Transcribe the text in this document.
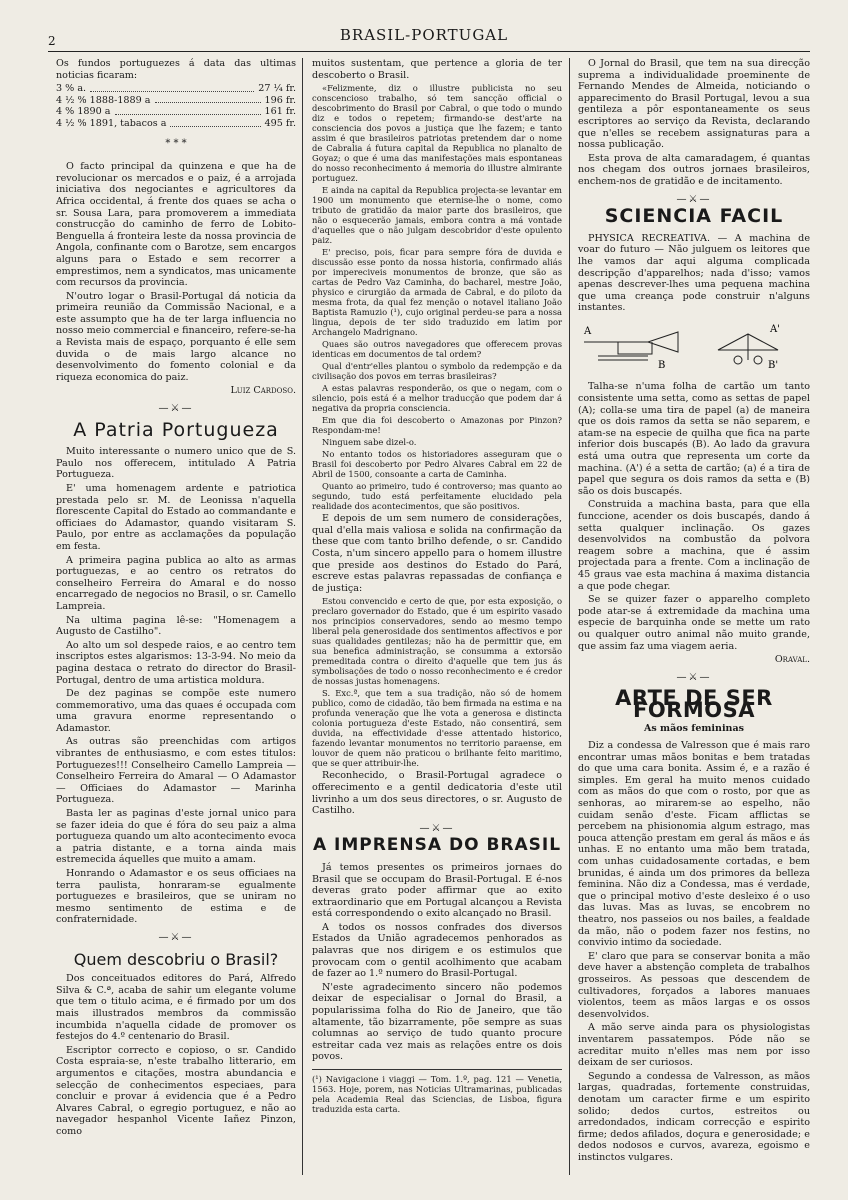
2	BRASIL-PORTUGAL

Os fundos portuguezes á data das ultimas noticias ficaram:

3 % a.	27 ¼ fr.
4 ½ % 1888-1889 a	196 fr.
4 % 1890 a	161 fr.
4 ½ % 1891, tabacos a	495 fr.
* * *

O facto principal da quinzena e que ha de revolucionar os mercados e o paiz, é a arrojada iniciativa dos negociantes e agricultores da Africa occidental, á frente dos quaes se acha o sr. Sousa Lara, para promoverem a immediata construcção do caminho de ferro de Lobito-Benguella á fronteira leste da nossa provincia de Angola, confinante com o Barotze, sem encargos alguns para o Estado e sem recorrer a emprestimos, nem a syndicatos, mas unicamente com recursos da provincia.

N'outro logar o Brasil-Portugal dá noticia da primeira reunião da Commissão Nacional, e a este assumpto que ha de ter larga influencia no nosso meio commercial e financeiro, refere-se-ha a Revista mais de espaço, porquanto é elle sem duvida o de mais largo alcance no desenvolvimento do fomento colonial e da riqueza economica do paiz.

Luiz Cardoso.
—⚔—
A Patria Portugueza

Muito interessante o numero unico que de S. Paulo nos offerecem, intitulado A Patria Portugueza.

E' uma homenagem ardente e patriotica prestada pelo sr. M. de Leonissa n'aquella florescente Capital do Estado ao commandante e officiaes do Adamastor, quando visitaram S. Paulo, por entre as acclamações da população em festa.

A primeira pagina publica ao alto as armas portuguezas, e ao centro os retratos do conselheiro Ferreira do Amaral e do nosso encarregado de negocios no Brasil, o sr. Camello Lampreia.

Na ultima pagina lê-se: "Homenagem a Augusto de Castilho".

Ao alto um sol despede raios, e ao centro tem inscriptos estes algarismos: 13-3-94. No meio da pagina destaca o retrato do director do Brasil-Portugal, dentro de uma artistica moldura.

De dez paginas se compõe este numero commemorativo, uma das quaes é occupada com uma gravura enorme representando o Adamastor.

As outras são preenchidas com artigos vibrantes de enthusiasmo, e com estes titulos: Portuguezes!!! Conselheiro Camello Lampreia — Conselheiro Ferreira do Amaral — O Adamastor — Officiaes do Adamastor — Marinha Portugueza.

Basta ler as paginas d'este jornal unico para se fazer ideia do que é fóra do seu paiz a alma portugueza quando um alto acontecimento evoca a patria distante, e a torna ainda mais estremecida áquelles que muito a amam.

Honrando o Adamastor e os seus officiaes na terra paulista, honraram-se egualmente portuguezes e brasileiros, que se uniram no mesmo sentimento de estima e de confraternidade.

—⚔—
Quem descobriu o Brasil?

Dos conceituados editores do Pará, Alfredo Silva & C.ª, acaba de sahir um elegante volume que tem o titulo acima, e é firmado por um dos mais illustrados membros da commissão incumbida n'aquella cidade de promover os festejos do 4.º centenario do Brasil.

Escriptor correcto e copioso, o sr. Candido Costa espraia-se, n'este trabalho litterario, em argumentos e citações, mostra abundancia e selecção de conhecimentos especiaes, para concluir e provar á evidencia que é a Pedro Alvares Cabral, o egregio portuguez, e não ao navegador hespanhol Vicente Iañez Pinzon, como

muitos sustentam, que pertence a gloria de ter descoberto o Brasil.

«Felizmente, diz o illustre publicista no seu conscencioso trabalho, só tem sancção official o descobrimento do Brasil por Cabral, o que todo o mundo diz e todos o repetem; firmando-se dest'arte na consciencia dos povos a justiça que lhe fazem; e tanto assim é que brasileiros patriotas pretendem dar o nome de Cabralia á futura capital da Republica no planalto de Goyaz; o que é uma das manifestações mais espontaneas do nosso reconhecimento á memoria do illustre almirante portuguez.

E ainda na capital da Republica projecta-se levantar em 1900 um monumento que eternise-lhe o nome, como tributo de gratidão da maior parte dos brasileiros, que não o esquecerão jamais, embora contra a má vontade d'aquelles que o não julgam descobridor d'este opulento paiz.

E' preciso, pois, ficar para sempre fóra de duvida e discussão esse ponto da nossa historia, confirmado aliás por impereciveis monumentos de bronze, que são as cartas de Pedro Vaz Caminha, do bacharel, mestre João, physico e cirurgião da armada de Cabral, e do piloto da mesma frota, da qual fez menção o notavel italiano João Baptista Ramuzio (¹), cujo original perdeu-se para a nossa lingua, depois de ter sido traduzido em latim por Archangelo Madrignano.

Quaes são outros navegadores que offerecem provas identicas em documentos de tal ordem?

Qual d'entr'elles plantou o symbolo da redempção e da civilisação dos povos em terras brasileiras?

A estas palavras responderão, os que o negam, com o silencio, pois está é a melhor traducção que podem dar á negativa da propria consciencia.

Em que dia foi descoberto o Amazonas por Pinzon? Respondam-me!

Ninguem sabe dizel-o.

No entanto todos os historiadores asseguram que o Brasil foi descoberto por Pedro Alvares Cabral em 22 de Abril de 1500, consoante a carta de Caminha.

Quanto ao primeiro, tudo é controverso; mas quanto ao segundo, tudo está perfeitamente elucidado pela realidade dos acontecimentos, que são positivos.

E depois de um sem numero de considerações, qual d'ella mais valiosa e solida na confirmação da these que com tanto brilho defende, o sr. Candido Costa, n'um sincero appello para o homem illustre que preside aos destinos do Estado do Pará, escreve estas palavras repassadas de confiança e de justiça:

Estou convencido e certo de que, por esta exposição, o preclaro governador do Estado, que é um espirito vasado nos principios conservadores, sendo ao mesmo tempo liberal pela generosidade dos sentimentos affectivos e por suas qualidades gentilezas; não ha de permittir que, em sua benefica administração, se consumma a extorsão premeditada contra o direito d'aquelle que tem jus ás symbolisações de todo o nosso reconhecimento e é credor de nossas justas homenagens.

S. Exc.ª, que tem a sua tradição, não só de homem publico, como de cidadão, tão bem firmada na estima e na profunda veneração que lhe vota a generosa e distincta colonia portugueza d'este Estado, não consentirá, sem duvida, na effectividade d'esse attentado historico, fazendo levantar monumentos no territorio paraense, em louvor de quem não praticou o brilhante feito maritimo, que se quer attribuir-lhe.

Reconhecido, o Brasil-Portugal agradece o offerecimento e a gentil dedicatoria d'este util livrinho a um dos seus directores, o sr. Augusto de Castilho.

—⚔—
A IMPRENSA DO BRASIL

Já temos presentes os primeiros jornaes do Brasil que se occupam do Brasil-Portugal. E é-nos deveras grato poder affirmar que ao exito extraordinario que em Portugal alcançou a Revista está correspondendo o exito alcançado no Brasil.

A todos os nossos confrades dos diversos Estados da União agradecemos penhorados as palavras que nos dirigem e os estimulos que provocam com o gentil acolhimento que acabam de fazer ao 1.º numero do Brasil-Portugal.

N'este agradecimento sincero não podemos deixar de especialisar o Jornal do Brasil, a popularissima folha do Rio de Janeiro, que tão altamente, tão bizarramente, põe sempre as suas columnas ao serviço de tudo quanto procure estreitar cada vez mais as relações entre os dois povos.

(¹) Navigacione i viaggi — Tom. 1.º, pag. 121 — Venetia, 1563. Hoje, porem, nas Noticias Ultramarinas, publicadas pela Academia Real das Sciencias, de Lisboa, figura traduzida esta carta.

O Jornal do Brasil, que tem na sua direcção suprema a individualidade proeminente de Fernando Mendes de Almeida, noticiando o apparecimento do Brasil Portugal, levou a sua gentileza a pôr espontaneamente os seus escriptores ao serviço da Revista, declarando que n'elles se recebem assignaturas para a nossa publicação.

Esta prova de alta camaradagem, é quantas nos chegam dos outros jornaes brasileiros, enchem-nos de gratidão e de incitamento.

—⚔—
SCIENCIA FACIL

PHYSICA RECREATIVA. — A machina de voar do futuro — Não julguem os leitores que lhe vamos dar aqui alguma complicada descripção d'apparelhos; nada d'isso; vamos apenas descrever-lhes uma pequena machina que uma creança pode construir n'alguns instantes.

A	A'
B	B'

Talha-se n'uma folha de cartão um tanto consistente uma setta, como as settas de papel (A); colla-se uma tira de papel (a) de maneira que os dois ramos da setta se não separem, e atam-se na especie de quilha que fica na parte inferior dois buscapés (B). Ao lado da gravura está uma outra que representa um corte da machina. (A') é a setta de cartão; (a) é a tira de papel que segura os dois ramos da setta e (B) são os dois buscapés.

Construida a machina basta, para que ella funccione, acender os dois buscapés, dando á setta qualquer inclinação. Os gazes desenvolvidos na combustão da polvora reagem sobre a machina, que é assim projectada para a frente. Com a inclinação de 45 graus vae esta machina á maxima distancia a que pode chegar.

Se se quizer fazer o apparelho completo pode atar-se á extremidade da machina uma especie de barquinha onde se mette um rato ou qualquer outro animal não muito grande, que assim faz uma viagem aeria.

Oraval.
—⚔—
ARTE DE SER FORMOSA
As mãos femininas

Diz a condessa de Valresson que é mais raro encontrar umas mãos bonitas e bem tratadas do que uma cara bonita. Assim é, e a razão é simples. Em geral ha muito menos cuidado com as mãos do que com o rosto, por que as senhoras, ao mirarem-se ao espelho, não cuidam senão d'este. Ficam afflictas se percebem na phisionomia algum estrago, mas pouca attenção prestam em geral ás mãos e ás unhas. E no entanto uma mão bem tratada, com unhas cuidadosamente cortadas, e bem brunidas, é ainda um dos primores da belleza feminina. Não diz a Condessa, mas é verdade, que o principal motivo d'este desleixo é o uso das luvas. Mas as luvas, se encobrem no theatro, nos passeios ou nos bailes, a fealdade da mão, não o podem fazer nos festins, no convivio intimo da sociedade.

E' claro que para se conservar bonita a mão deve haver a abstenção completa de trabalhos grosseiros. As pessoas que descendem de cultivadores, forçados a labores manuaes violentos, teem as mãos largas e os ossos desenvolvidos.

A mão serve ainda para os physiologistas inventarem passatempos. Póde não se acreditar muito n'elles mas nem por isso deixam de ser curiosos.

Segundo a condessa de Valresson, as mãos largas, quadradas, fortemente construidas, denotam um caracter firme e um espirito solido; dedos curtos, estreitos ou arredondados, indicam correcção e espirito firme; dedos afilados, doçura e generosidade; e dedos nodosos e curvos, avareza, egoismo e instinctos vulgares.
